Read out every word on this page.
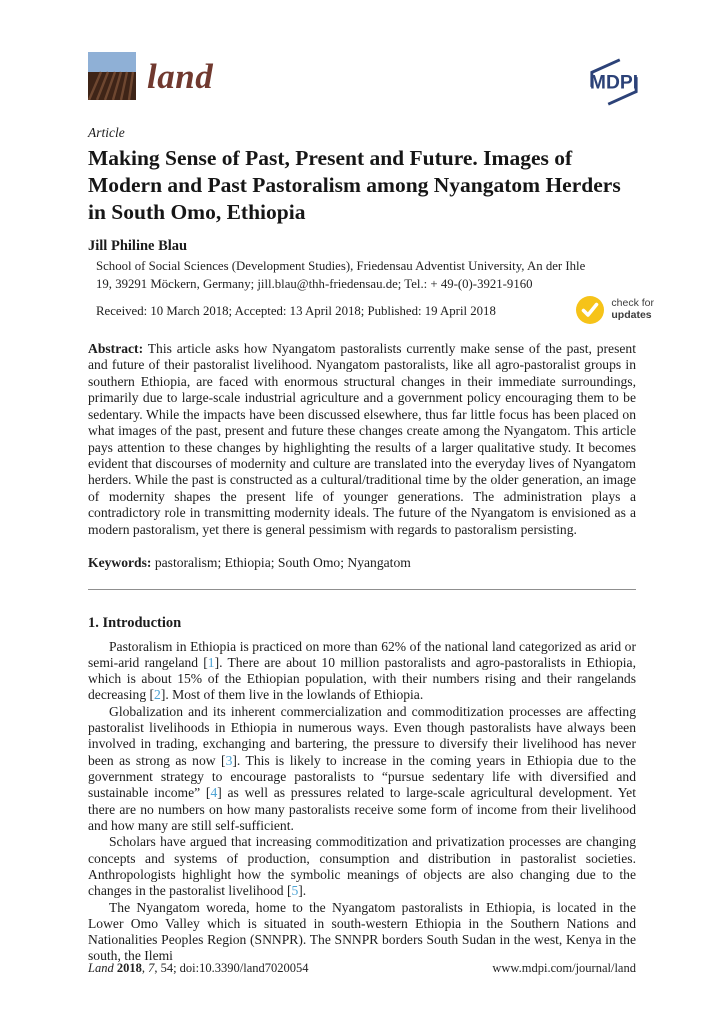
land	MDPI
Article
Making Sense of Past, Present and Future. Images of Modern and Past Pastoralism among Nyangatom Herders in South Omo, Ethiopia
Jill Philine Blau
School of Social Sciences (Development Studies), Friedensau Adventist University, An der Ihle 19, 39291 Möckern, Germany; jill.blau@thh-friedensau.de; Tel.: + 49-(0)-3921-9160
Received: 10 March 2018; Accepted: 13 April 2018; Published: 19 April 2018
check for
updates

Abstract: This article asks how Nyangatom pastoralists currently make sense of the past, present and future of their pastoralist livelihood. Nyangatom pastoralists, like all agro-pastoralist groups in southern Ethiopia, are faced with enormous structural changes in their immediate surroundings, primarily due to large-scale industrial agriculture and a government policy encouraging them to be sedentary. While the impacts have been discussed elsewhere, thus far little focus has been placed on what images of the past, present and future these changes create among the Nyangatom. This article pays attention to these changes by highlighting the results of a larger qualitative study. It becomes evident that discourses of modernity and culture are translated into the everyday lives of Nyangatom herders. While the past is constructed as a cultural/traditional time by the older generation, an image of modernity shapes the present life of younger generations. The administration plays a contradictory role in transmitting modernity ideals. The future of the Nyangatom is envisioned as a modern pastoralism, yet there is general pessimism with regards to pastoralism persisting.

Keywords: pastoralism; Ethiopia; South Omo; Nyangatom

1. Introduction

Pastoralism in Ethiopia is practiced on more than 62% of the national land categorized as arid or semi-arid rangeland [1]. There are about 10 million pastoralists and agro-pastoralists in Ethiopia, which is about 15% of the Ethiopian population, with their numbers rising and their rangelands decreasing [2]. Most of them live in the lowlands of Ethiopia.

Globalization and its inherent commercialization and commoditization processes are affecting pastoralist livelihoods in Ethiopia in numerous ways. Even though pastoralists have always been involved in trading, exchanging and bartering, the pressure to diversify their livelihood has never been as strong as now [3]. This is likely to increase in the coming years in Ethiopia due to the government strategy to encourage pastoralists to “pursue sedentary life with diversified and sustainable income” [4] as well as pressures related to large-scale agricultural development. Yet there are no numbers on how many pastoralists receive some form of income from their livelihood and how many are still self-sufficient.

Scholars have argued that increasing commoditization and privatization processes are changing concepts and systems of production, consumption and distribution in pastoralist societies. Anthropologists highlight how the symbolic meanings of objects are also changing due to the changes in the pastoralist livelihood [5].

The Nyangatom woreda, home to the Nyangatom pastoralists in Ethiopia, is located in the Lower Omo Valley which is situated in south-western Ethiopia in the Southern Nations and Nationalities Peoples Region (SNNPR). The SNNPR borders South Sudan in the west, Kenya in the south, the Ilemi

Land 2018, 7, 54; doi:10.3390/land7020054	www.mdpi.com/journal/land
